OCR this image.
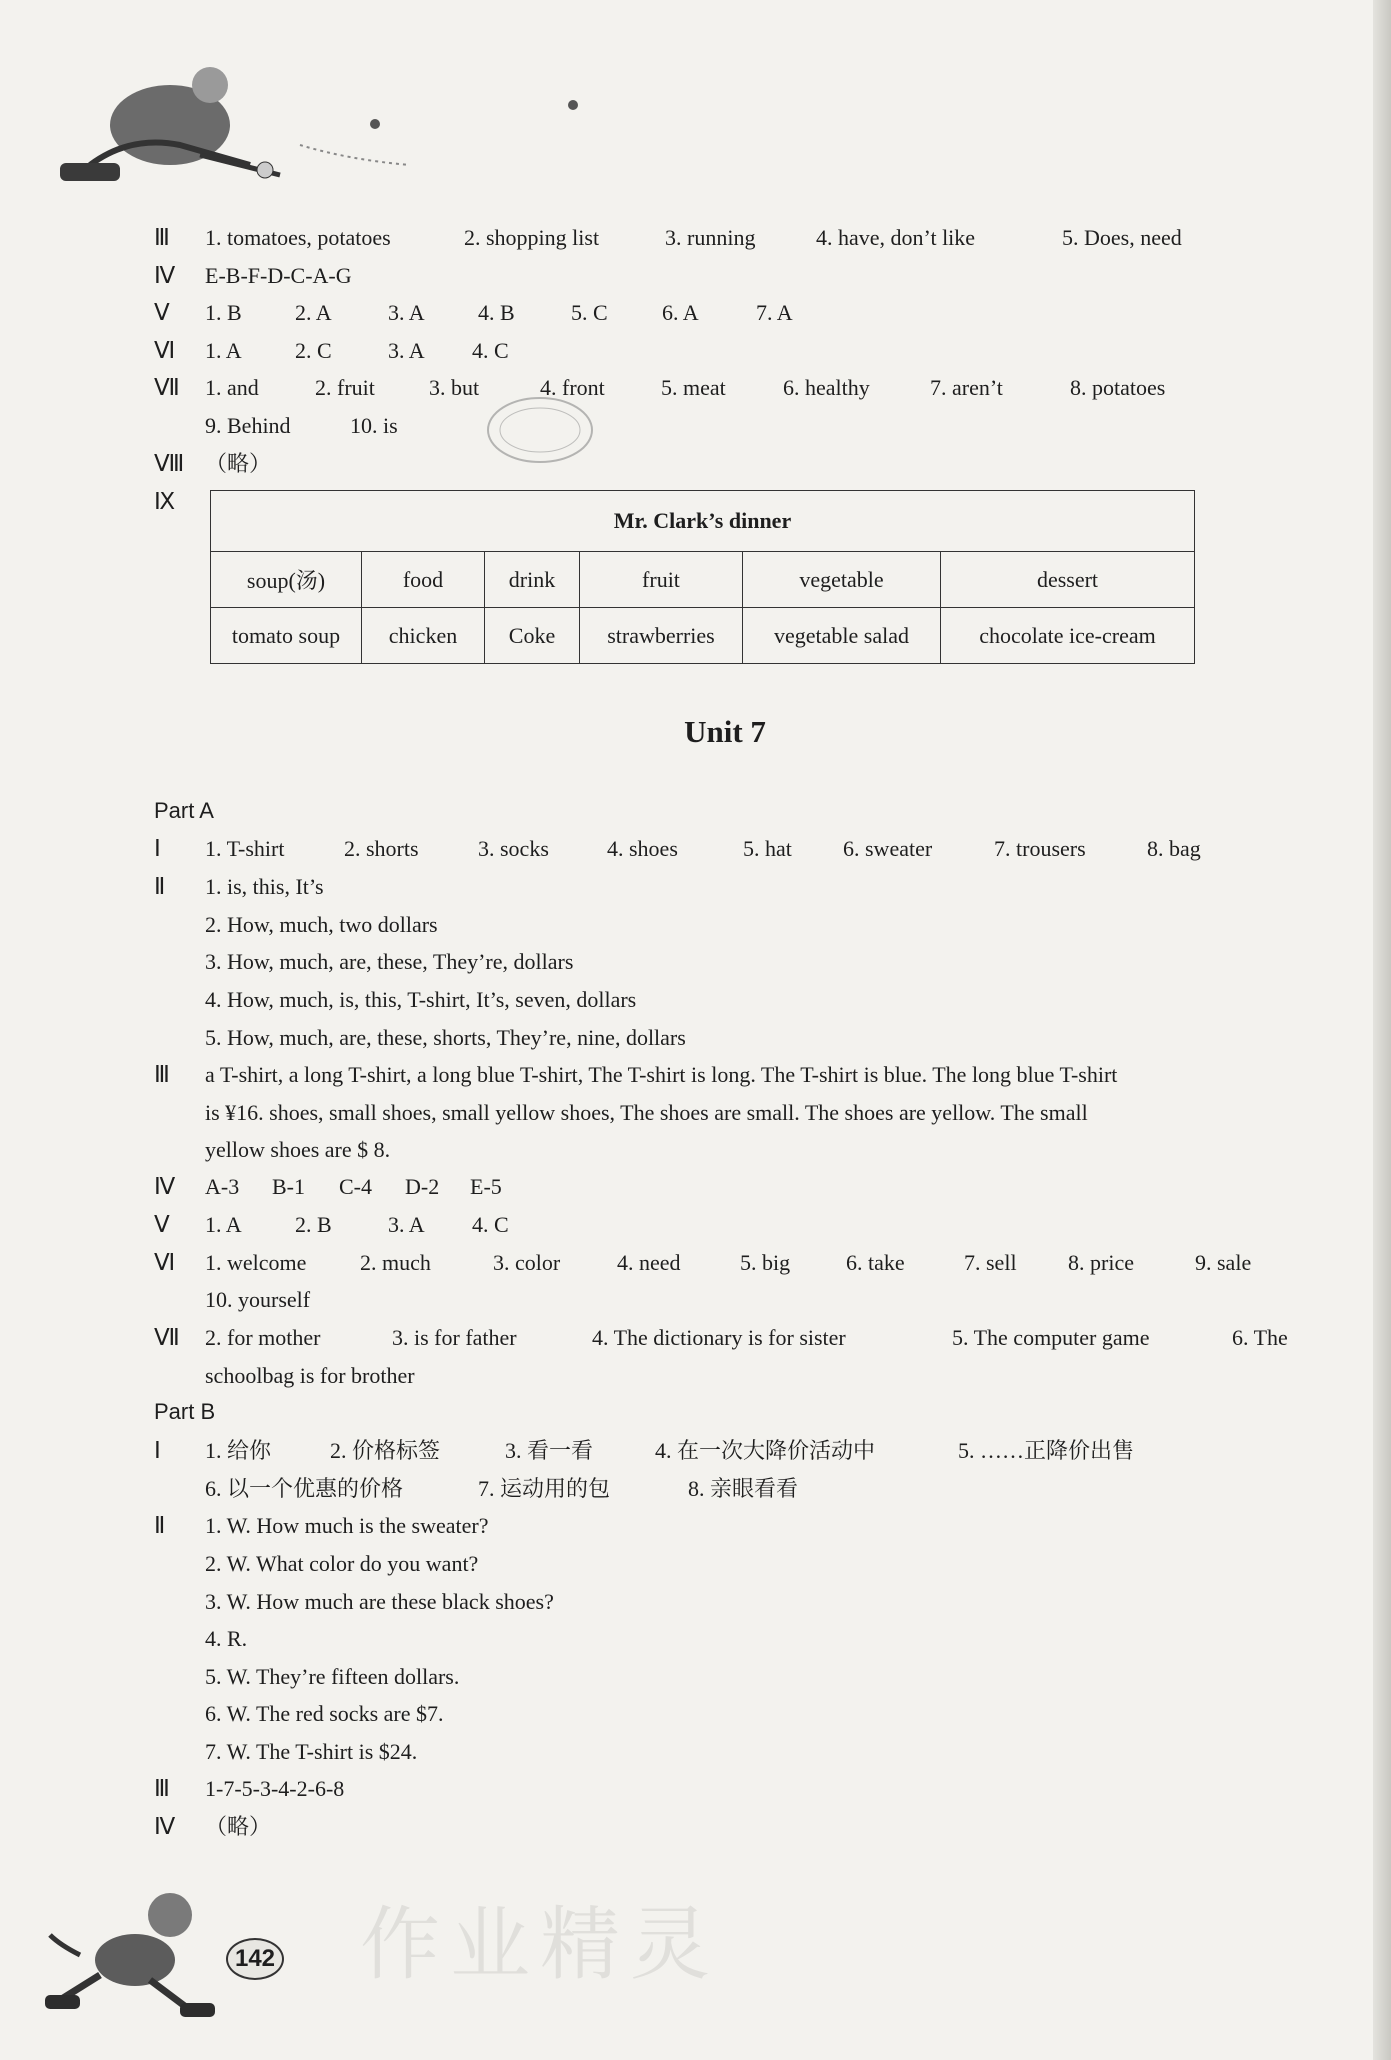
Ⅲ 1. tomatoes, potatoes	2. shopping list	3. running	4. have, don’t like	5. Does, need
Ⅳ E-B-F-D-C-A-G
Ⅴ 1. B 2. A	3. A 4. B	5. C 6. A	7. A
Ⅵ 1. A 2. C	3. A 4. C
Ⅶ 1. and	2. fruit 3. but	4. front	5. meat	6. healthy	7. aren’t	8. potatoes
9. Behind	10. is
Ⅷ （略）
Ⅸ
Mr. Clark’s dinner					
soup(汤)	food	drink	fruit	vegetable	dessert
tomato soup	chicken	Coke	strawberries	vegetable salad	chocolate ice-cream
Unit 7
Part A
Ⅰ 1. T-shirt	2. shorts	3. socks	4. shoes	5. hat 6. sweater	7. trousers	8. bag
Ⅱ 1. is, this, It’s
2. How, much, two dollars
3. How, much, are, these, They’re, dollars
4. How, much, is, this, T-shirt, It’s, seven, dollars
5. How, much, are, these, shorts, They’re, nine, dollars
Ⅲ a T-shirt, a long T-shirt, a long blue T-shirt, The T-shirt is long. The T-shirt is blue. The long blue T-shirt
is ¥16. shoes, small shoes, small yellow shoes, The shoes are small. The shoes are yellow. The small
yellow shoes are $ 8.
Ⅳ A-3 B-1 C-4 D-2 E-5
Ⅴ 1. A 2. B	3. A 4. C
Ⅵ 1. welcome 2. much	3. color	4. need	5. big	6. take	7. sell 8. price	9. sale
10. yourself
Ⅶ 2. for mother	3. is for father	4. The dictionary is for sister	5. The computer game	6. The
schoolbag is for brother
Part B
Ⅰ 1. 给你	2. 价格标签	3. 看一看	4. 在一次大降价活动中	5. ……正降价出售
6. 以一个优惠的价格	7. 运动用的包	8. 亲眼看看
Ⅱ 1. W. How much is the sweater?
2. W. What color do you want?
3. W. How much are these black shoes?
4. R.
5. W. They’re fifteen dollars.
6. W. The red socks are $7.
7. W. The T-shirt is $24.
Ⅲ 1-7-5-3-4-2-6-8
Ⅳ （略）
142 作业精灵
